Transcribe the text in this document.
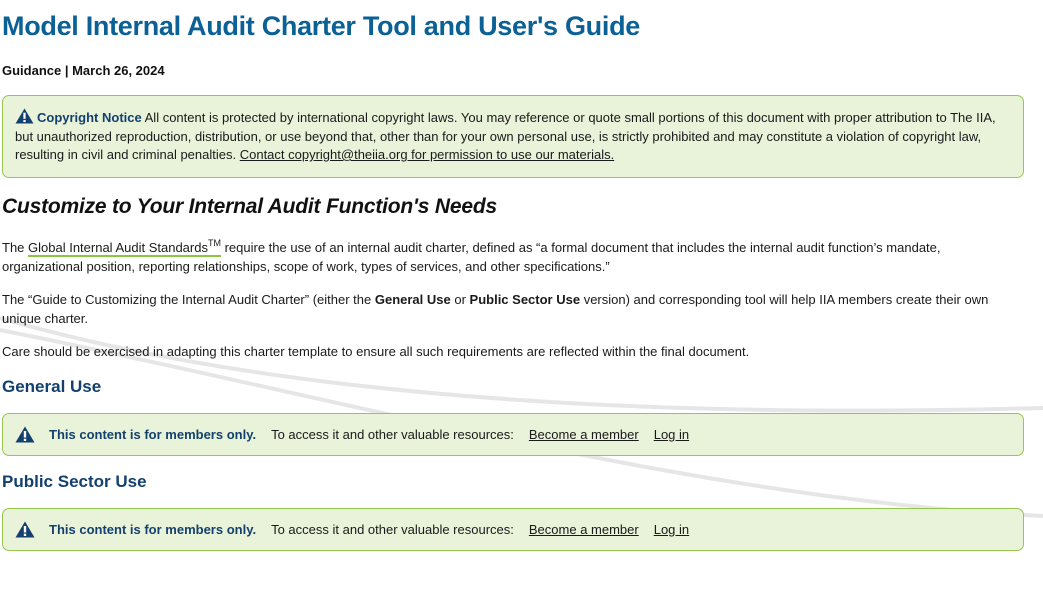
Model Internal Audit Charter Tool and User's Guide
Guidance | March 26, 2024
Copyright Notice All content is protected by international copyright laws. You may reference or quote small portions of this document with proper attribution to The IIA, but unauthorized reproduction, distribution, or use beyond that, other than for your own personal use, is strictly prohibited and may constitute a violation of copyright law, resulting in civil and criminal penalties. Contact copyright@theiia.org for permission to use our materials.
Customize to Your Internal Audit Function's Needs

The Global Internal Audit Standards™ require the use of an internal audit charter, defined as “a formal document that includes the internal audit function’s mandate, organizational position, reporting relationships, scope of work, types of services, and other specifications.”

The “Guide to Customizing the Internal Audit Charter” (either the General Use or Public Sector Use version) and corresponding tool will help IIA members create their own unique charter.

Care should be exercised in adapting this charter template to ensure all such requirements are reflected within the final document.

General Use
This content is for members only. To access it and other valuable resources: Become a member Log in
Public Sector Use
This content is for members only. To access it and other valuable resources: Become a member Log in
